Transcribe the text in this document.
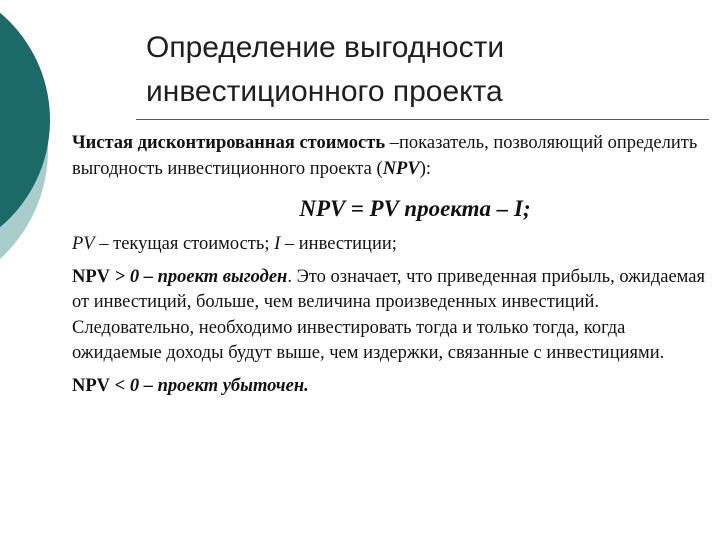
Определение выгодности
инвестиционного проекта

Чистая дисконтированная стоимость –показатель, позволяющий определить выгодность инвестиционного проекта (NPV):

NPV = PV проекта – I;

PV – текущая стоимость; I – инвестиции;

NPV > 0 – проект выгоден. Это означает, что приведенная прибыль, ожидаемая от инвестиций, больше, чем величина произведенных инвестиций. Следовательно, необходимо инвестировать тогда и только тогда, когда ожидаемые доходы будут выше, чем издержки, связанные с инвестициями.

NPV < 0 – проект убыточен.
